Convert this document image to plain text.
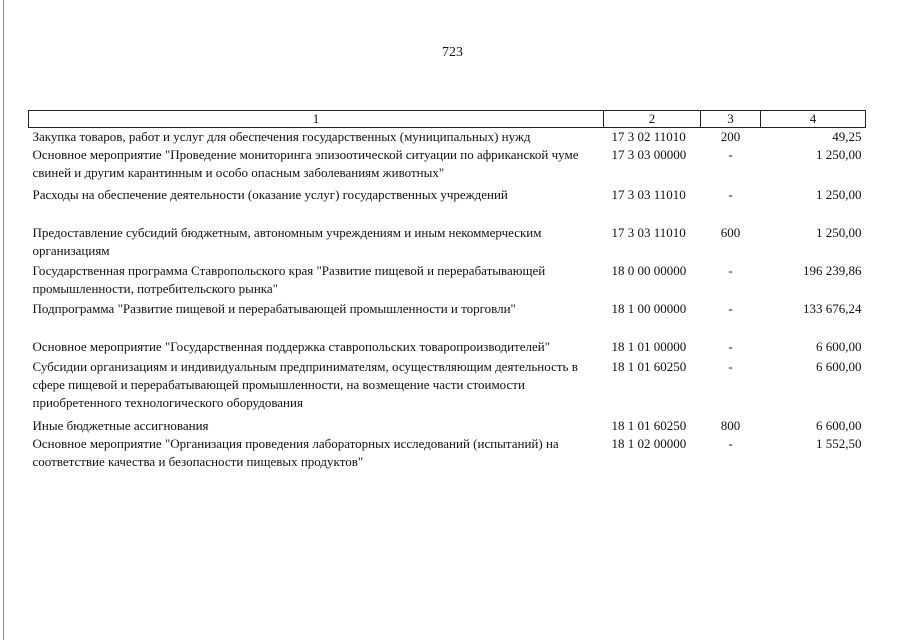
723
1	2	3	4
Закупка товаров, работ и услуг для обеспечения государственных (муниципальных) нужд	17 3 02 11010	200	49,25
Основное мероприятие "Проведение мониторинга эпизоотической ситуации по африканской чуме свиней и другим карантинным и особо опасным заболеваниям животных"	17 3 03 00000	-	1 250,00
Расходы на обеспечение деятельности (оказание услуг) государственных учреждений	17 3 03 11010	-	1 250,00
Предоставление субсидий бюджетным, автономным учреждениям и иным некоммерческим организациям	17 3 03 11010	600	1 250,00
Государственная программа Ставропольского края "Развитие пищевой и перерабатывающей промышленности, потребительского рынка"	18 0 00 00000	-	196 239,86
Подпрограмма "Развитие пищевой и перерабатывающей промышленности и торговли"	18 1 00 00000	-	133 676,24
Основное мероприятие "Государственная поддержка ставропольских товаропроизводителей"	18 1 01 00000	-	6 600,00
Субсидии организациям и индивидуальным предпринимателям, осуществляющим деятельность в сфере пищевой и перерабатывающей промышленности, на возмещение части стоимости приобретенного технологического оборудования	18 1 01 60250	-	6 600,00
Иные бюджетные ассигнования	18 1 01 60250	800	6 600,00
Основное мероприятие "Организация проведения лабораторных исследований (испытаний) на соответствие качества и безопасности пищевых продуктов"	18 1 02 00000	-	1 552,50
